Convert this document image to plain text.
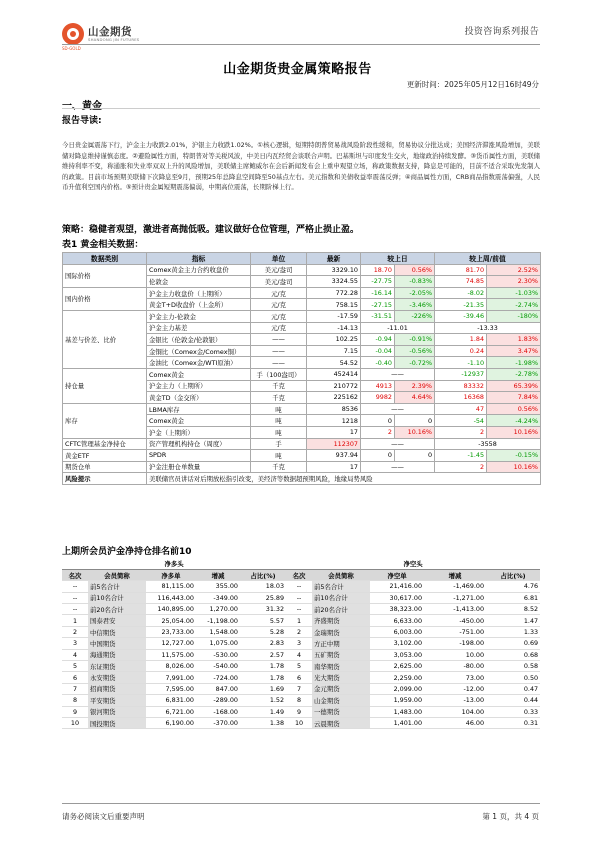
山金期货
SHANDONG JIN FUTURES
SD-GOLD
投资咨询系列报告
山金期货贵金属策略报告
更新时间：2025年05月12日16时49分
一、黄金
报告导读:
今日贵金属震荡下行，沪金主力收跌2.01%，沪银主力收跌1.02%。①核心逻辑，短期特朗普贸易战风险阶段性缓和，贸易协议分批达成；美国经济滞涨风险增加，美联储对降息维持谨慎态度。②避险属性方面，特朗普对等关税风波，中美日内瓦经贸会谈联合声明。巴基斯坦与印度发生交火，地缘政治持续发酵。③货币属性方面，美联储维持利率不变，称通胀和失业率双双上升的风险增加，美联储主席鲍威尔在会后新闻发布会上重申观望立场，称政策数据支持，降息是可能的，目前不适合采取先发制人的政策。目前市场预期美联储下次降息至9月，预期25年总降息空间降至50基点左右。美元指数和美债收益率震荡反弹；④商品属性方面，CRB商品指数震荡偏强，人民币升值利空国内价格。⑤预计贵金属短期震荡偏弱，中期高位震荡，长期阶梯上行。
策略：稳健者观望，激进者高抛低吸。建议做好仓位管理，严格止损止盈。
表1 黄金相关数据：
数据类别	指标	单位	最新	较上日		较上周/前值	
国际价格	Comex黄金主力合约收盘价	美元/盎司	3329.10	18.70	0.56%	81.70	2.52%
	伦敦金	美元/盎司	3324.55	-27.75	-0.83%	74.85	2.30%
国内价格	沪金主力收盘价（上期所）	元/克	772.28	-16.14	-2.05%	-8.02	-1.03%
	黄金T+D收盘价（上金所）	元/克	758.15	-27.15	-3.46%	-21.35	-2.74%
基差与价差、比价	沪金主力-伦敦金	元/克	-17.59	-31.51	-226%	-39.46	-180%
	沪金主力基差	元/克	-14.13	-11.01		-13.33	
	金银比（伦敦金/伦敦银）	——	102.25	-0.94	-0.91%	1.84	1.83%
	金铜比（Comex金/Comex铜）	——	7.15	-0.04	-0.56%	0.24	3.47%
	金油比（Comex金/WTI原油）	——	54.52	-0.40	-0.72%	-1.10	-1.98%
持仓量	Comex黄金	手（100盎司）	452414	——		-12937	-2.78%
	沪金主力（上期所）	千克	210772	4913	2.39%	83332	65.39%
	黄金TD（金交所）	千克	225162	9982	4.64%	16368	7.84%
库存	LBMA库存	吨	8536	——		47	0.56%
	Comex黄金	吨	1218	0	0	-54	-4.24%
	沪金（上期所）	吨	17	2	10.16%	2	10.16%
CFTC管理基金净持仓	资产管理机构持仓（周度）	手	112307	——		-3558	
黄金ETF	SPDR	吨	937.94	0	0	-1.45	-0.15%
期货仓单	沪金注册仓单数量	千克	17	——		2	10.16%
风险提示	美联储官员讲话对后期放松指引改变，美经济等数据超预期风险，地缘局势风险						
上期所会员沪金净持仓排名前10
净多头					净空头				
名次	会员简称	净多单	增减	占比(%)	名次	会员简称	净空单	增减	占比(%)
--	前5名合计	81,115.00	355.00	18.03	--	前5名合计	21,416.00	-1,469.00	4.76
--	前10名合计	116,443.00	-349.00	25.89	--	前10名合计	30,617.00	-1,271.00	6.81
--	前20名合计	140,895.00	1,270.00	31.32	--	前20名合计	38,323.00	-1,413.00	8.52
1	国泰君安	25,054.00	-1,198.00	5.57	1	齐盛期货	6,633.00	-450.00	1.47
2	中信期货	23,733.00	1,548.00	5.28	2	金瑞期货	6,003.00	-751.00	1.33
3	中国期货	12,727.00	1,075.00	2.83	3	方正中期	3,102.00	-198.00	0.69
4	海通期货	11,575.00	-530.00	2.57	4	五矿期货	3,053.00	10.00	0.68
5	东证期货	8,026.00	-540.00	1.78	5	南华期货	2,625.00	-80.00	0.58
6	永安期货	7,991.00	-724.00	1.78	6	光大期货	2,259.00	73.00	0.50
7	招商期货	7,595.00	847.00	1.69	7	金元期货	2,099.00	-12.00	0.47
8	平安期货	6,831.00	-289.00	1.52	8	山金期货	1,959.00	-13.00	0.44
9	银河期货	6,721.00	-168.00	1.49	9	一德期货	1,483.00	104.00	0.33
10	国投期货	6,190.00	-370.00	1.38	10	云晨期货	1,401.00	46.00	0.31
请务必阅读文后重要声明	第 1 页，共 4 页
